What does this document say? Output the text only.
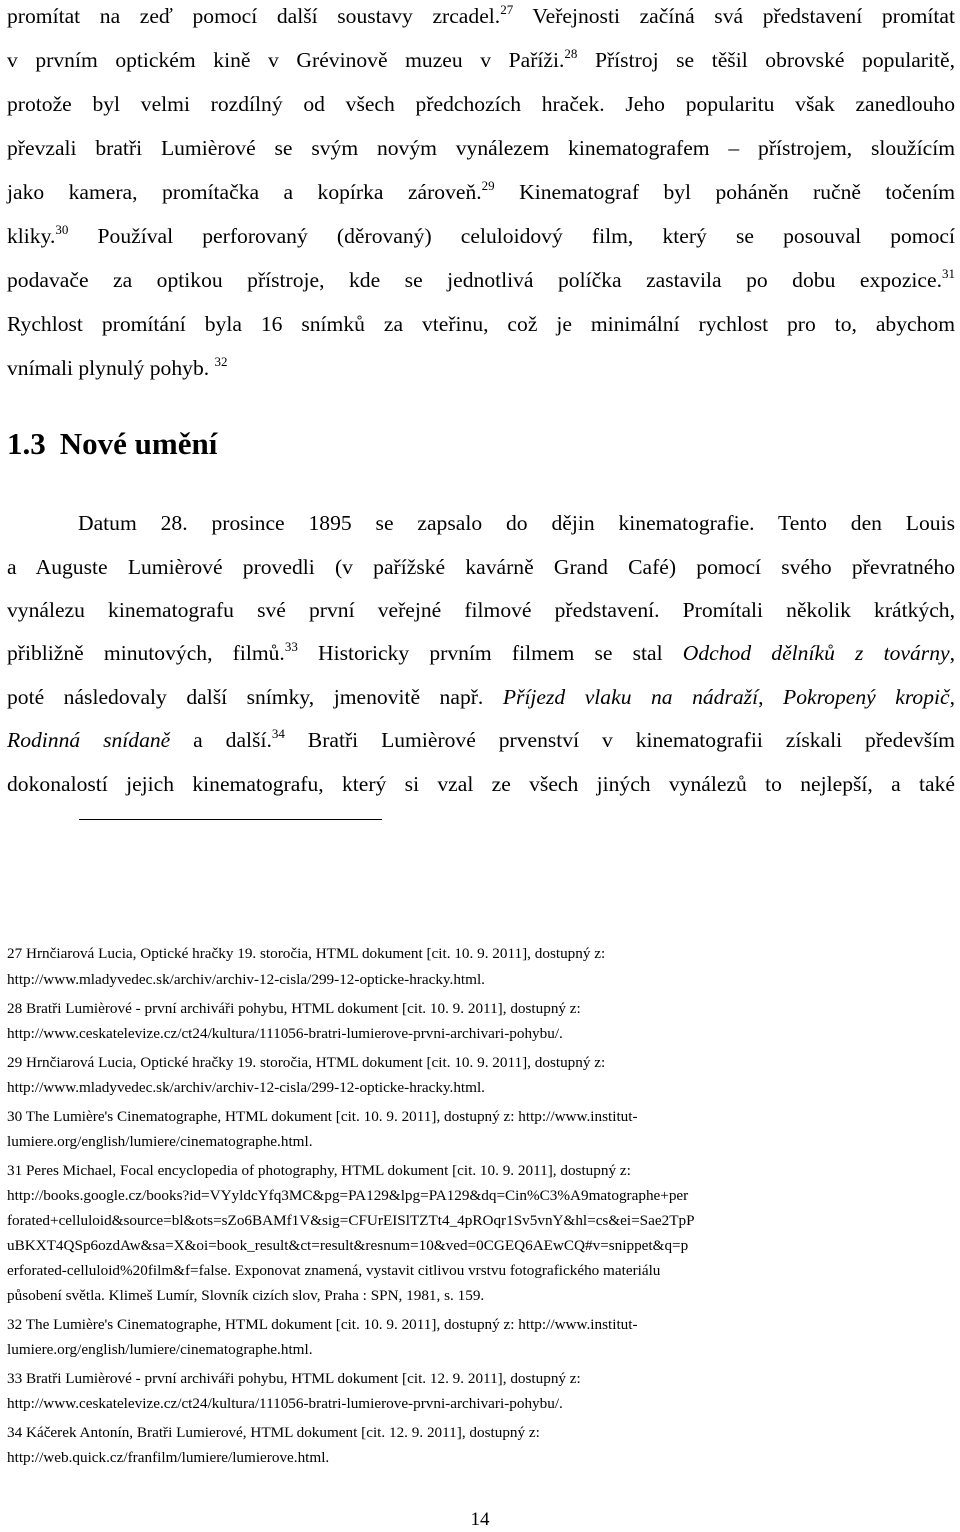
promítat na zeď pomocí další soustavy zrcadel.$^{27}$ Veřejnosti začíná svá představení promítat
v prvním optickém kině v Grévinově muzeu v Paříži.$^{28}$ Přístroj se těšil obrovské popularitě,
protože byl velmi rozdílný od všech předchozích hraček. Jeho popularitu však zanedlouho
převzali bratři Lumièrové se svým novým vynálezem kinematografem – přístrojem, sloužícím
jako kamera, promítačka a kopírka zároveň.$^{29}$ Kinematograf byl poháněn ručně točením
kliky.$^{30}$ Používal perforovaný (děrovaný) celuloidový film, který se posouval pomocí
podavače za optikou přístroje, kde se jednotlivá políčka zastavila po dobu expozice.$^{31}$
Rychlost promítání byla 16 snímků za vteřinu, což je minimální rychlost pro to, abychom
vnímali plynulý pohyb. $^{32}$
1.3 Nové umění
Datum 28. prosince 1895 se zapsalo do dějin kinematografie. Tento den Louis
a Auguste Lumièrové provedli (v pařížské kavárně Grand Café) pomocí svého převratného
vynálezu kinematografu své první veřejné filmové představení. Promítali několik krátkých,
přibližně minutových, filmů.$^{33}$ Historicky prvním filmem se stal Odchod dělníků z továrny,
poté následovaly další snímky, jmenovitě např. Příjezd vlaku na nádraží, Pokropený kropič,
Rodinná snídaně a další.$^{34}$ Bratři Lumièrové prvenství v kinematografii získali především
dokonalostí jejich kinematografu, který si vzal ze všech jiných vynálezů to nejlepší, a také
27 Hrnčiarová Lucia, Optické hračky 19. storočia, HTML dokument [cit. 10. 9. 2011], dostupný z:
http://www.mladyvedec.sk/archiv/archiv-12-cisla/299-12-opticke-hracky.html.
28 Bratři Lumièrové - první archiváři pohybu, HTML dokument [cit. 10. 9. 2011], dostupný z:
http://www.ceskatelevize.cz/ct24/kultura/111056-bratri-lumierove-prvni-archivari-pohybu/.
29 Hrnčiarová Lucia, Optické hračky 19. storočia, HTML dokument [cit. 10. 9. 2011], dostupný z:
http://www.mladyvedec.sk/archiv/archiv-12-cisla/299-12-opticke-hracky.html.
30 The Lumière's Cinematographe, HTML dokument [cit. 10. 9. 2011], dostupný z: http://www.institut-
lumiere.org/english/lumiere/cinematographe.html.
31 Peres Michael, Focal encyclopedia of photography, HTML dokument [cit. 10. 9. 2011], dostupný z:
http://books.google.cz/books?id=VYyldcYfq3MC&pg=PA129&lpg=PA129&dq=Cin%C3%A9matographe+per
forated+celluloid&source=bl&ots=sZo6BAMf1V&sig=CFUrEISlTZTt4_4pROqr1Sv5vnY&hl=cs&ei=Sae2TpP
uBKXT4QSp6ozdAw&sa=X&oi=book_result&ct=result&resnum=10&ved=0CGEQ6AEwCQ#v=snippet&q=p
erforated-celluloid%20film&f=false. Exponovat znamená, vystavit citlivou vrstvu fotografického materiálu
působení světla. Klimeš Lumír, Slovník cizích slov, Praha : SPN, 1981, s. 159.
32 The Lumière's Cinematographe, HTML dokument [cit. 10. 9. 2011], dostupný z: http://www.institut-
lumiere.org/english/lumiere/cinematographe.html.
33 Bratři Lumièrové - první archiváři pohybu, HTML dokument [cit. 12. 9. 2011], dostupný z:
http://www.ceskatelevize.cz/ct24/kultura/111056-bratri-lumierove-prvni-archivari-pohybu/.
34 Káčerek Antonín, Bratři Lumierové, HTML dokument [cit. 12. 9. 2011], dostupný z:
http://web.quick.cz/franfilm/lumiere/lumierove.html.
14
